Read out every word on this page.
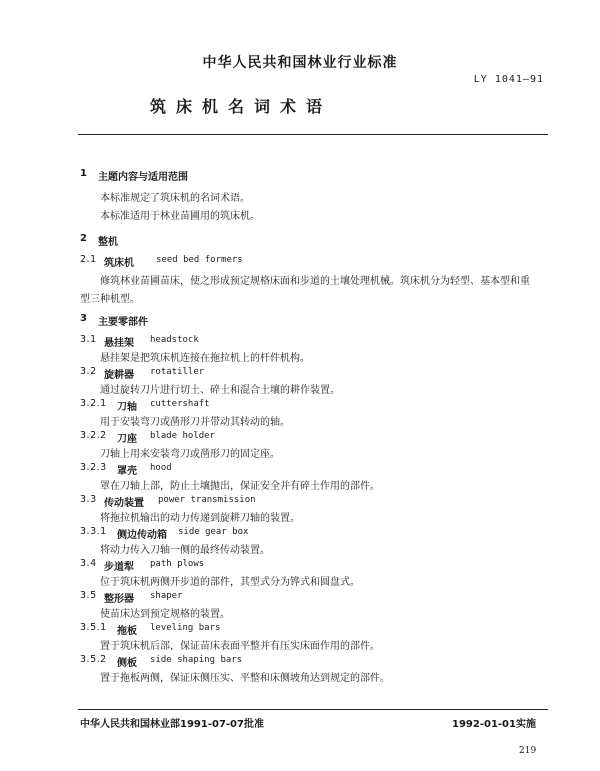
中华人民共和国林业行业标准
LY 1041—91
筑床机名词术语
1 主题内容与适用范围
本标准规定了筑床机的名词术语。
本标准适用于林业苗圃用的筑床机。
2 整机
2.1 筑床机 seed bed formers
修筑林业苗圃苗床，使之形成预定规格床面和步道的土壤处理机械。筑床机分为轻型、基本型和重
型三种机型。
3 主要零部件
3.1 悬挂架 headstock
悬挂架是把筑床机连接在拖拉机上的杆件机构。
3.2 旋耕器 rotatiller
通过旋转刀片进行切土、碎土和混合土壤的耕作装置。
3.2.1 刀轴 cuttershaft
用于安装弯刀或凿形刀并带动其转动的轴。
3.2.2 刀座 blade holder
刀轴上用来安装弯刀或凿形刀的固定座。
3.2.3 罩壳 hood
罩在刀轴上部，防止土壤抛出，保证安全并有碎土作用的部件。
3.3 传动装置 power transmission
将拖拉机输出的动力传递到旋耕刀轴的装置。
3.3.1 侧边传动箱 side gear box
将动力传入刀轴一侧的最终传动装置。
3.4 步道犁 path plows
位于筑床机两侧开步道的部件，其型式分为铧式和圆盘式。
3.5 整形器 shaper
使苗床达到预定规格的装置。
3.5.1 拖板 leveling bars
置于筑床机后部，保证苗床表面平整并有压实床面作用的部件。
3.5.2 侧板 side shaping bars
置于拖板两侧，保证床侧压实、平整和床侧坡角达到规定的部件。
中华人民共和国林业部1991-07-07批准	1992-01-01实施
219
